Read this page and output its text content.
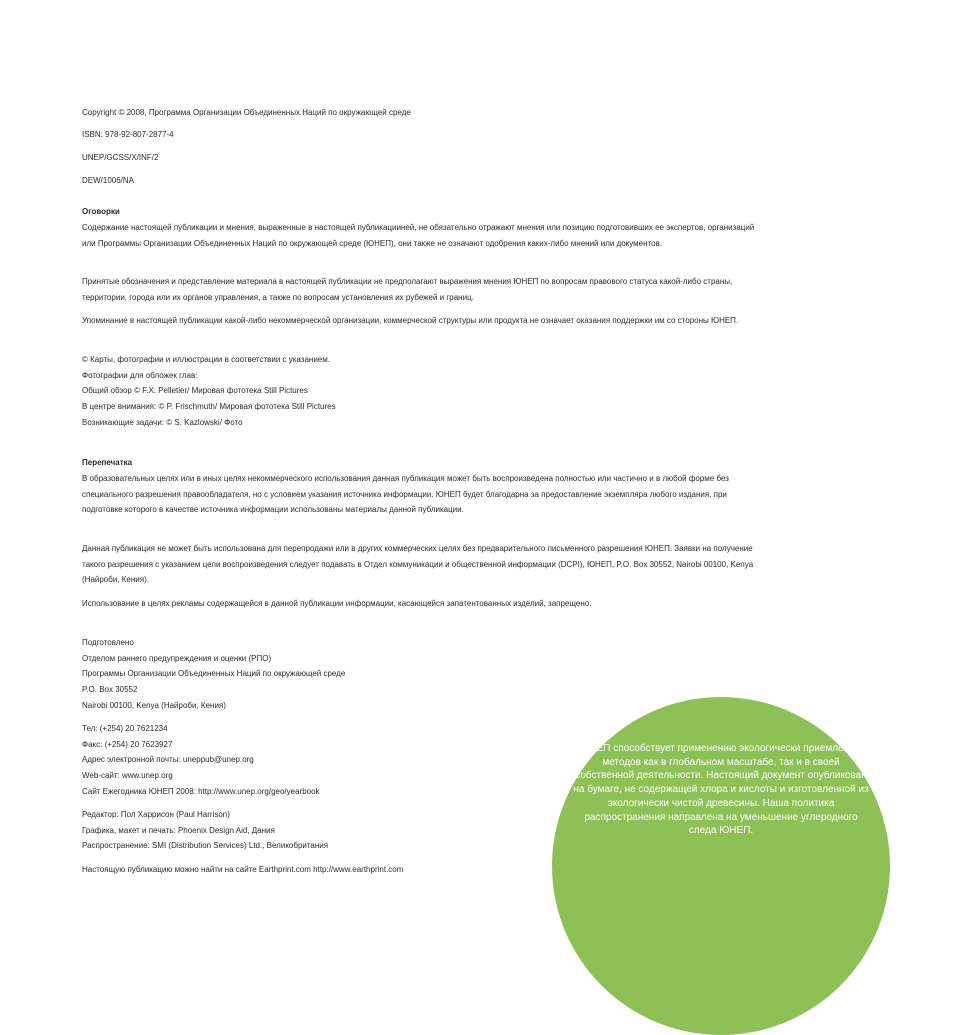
Copyright © 2008, Программа Организации Объединенных Наций по окружающей среде

ISBN: 978-92-807-2877-4

UNEP/GCSS/X/INF/2

DEW/1006/NA

Оговорки

Содержание настоящей публикации и мнения, выраженные в настоящей публикацииней, не обязательно отражают мнения или позицию подготовивших ее экспертов, организаций или Программы Организации Объединенных Наций по окружающей среде (ЮНЕП), они также не означают одобрения каких-либо мнений или документов.

Принятые обозначения и представление материала в настоящей публикации не предполагают выражения мнения ЮНЕП по вопросам правового статуса какой-либо страны, территории, города или их органов управления, а также по вопросам установления их рубежей и границ.

Упоминание в настоящей публикации какой-либо некоммерческой организации, коммерческой структуры или продукта не означает оказания поддержки им со стороны ЮНЕП.

© Карты, фотографии и иллюстрации в соответствии с указанием.
Фотографии для обложек глав:
Общий обзор © F.X. Pelletier/ Мировая фототека Still Pictures
В центре внимания: © P. Frischmuth/ Мировая фототека Still Pictures
Возникающие задачи: © S. Kazlowski/ Фото

Перепечатка

В образовательных целях или в иных целях некоммерческого использования данная публикация может быть воспроизведена полностью или частично и в любой форме без специального разрешения правообладателя, но с условием указания источника информации. ЮНЕП будет благодарна за предоставление экземпляра любого издания, при подготовке которого в качестве источника информации использованы материалы данной публикации.

Данная публикация не может быть использована для перепродажи или в других коммерческих целях без предварительного письменного разрешения ЮНЕП. Заявки на получение такого разрешения с указанием цели воспроизведения следует подавать в Отдел коммуникации и общественной информации (DCPI), ЮНЕП, P.O. Box 30552, Nairobi 00100, Kenya (Найроби, Кения).

Использование в целях рекламы содержащейся в данной публикации информации, касающейся запатентованных изделий, запрещено.

Подготовлено
Отделом раннего предупреждения и оценки (РПО)
Программы Организации Объединенных Наций по окружающей среде
P.O. Box 30552
Nairobi 00100, Kenya (Найроби, Кения)
Тел: (+254) 20 7621234
Факс: (+254) 20 7623927
Адрес электронной почты: uneppub@unep.org
Web-сайт: www.unep.org
Сайт Ежегодника ЮНЕП 2008: http://www.unep.org/geo/yearbook
Редактор: Пол Харрисон (Paul Harrison)
Графика, макет и печать: Phoenix Design Aid, Дания
Распространение: SMI (Distribution Services) Ltd., Великобритания

Настоящую публикацию можно найти на сайте Earthprint.com http://www.earthprint.com

ЮНЕП способствует применению экологически приемлемых методов как в глобальном масштабе, так и в своей собственной деятельности. Настоящий документ опубликован на бумаге, не содержащей хлора и кислоты и изготовленной из экологически чистой древесины. Наша политика распространения направлена на уменьшение углеродного следа ЮНЕП.
